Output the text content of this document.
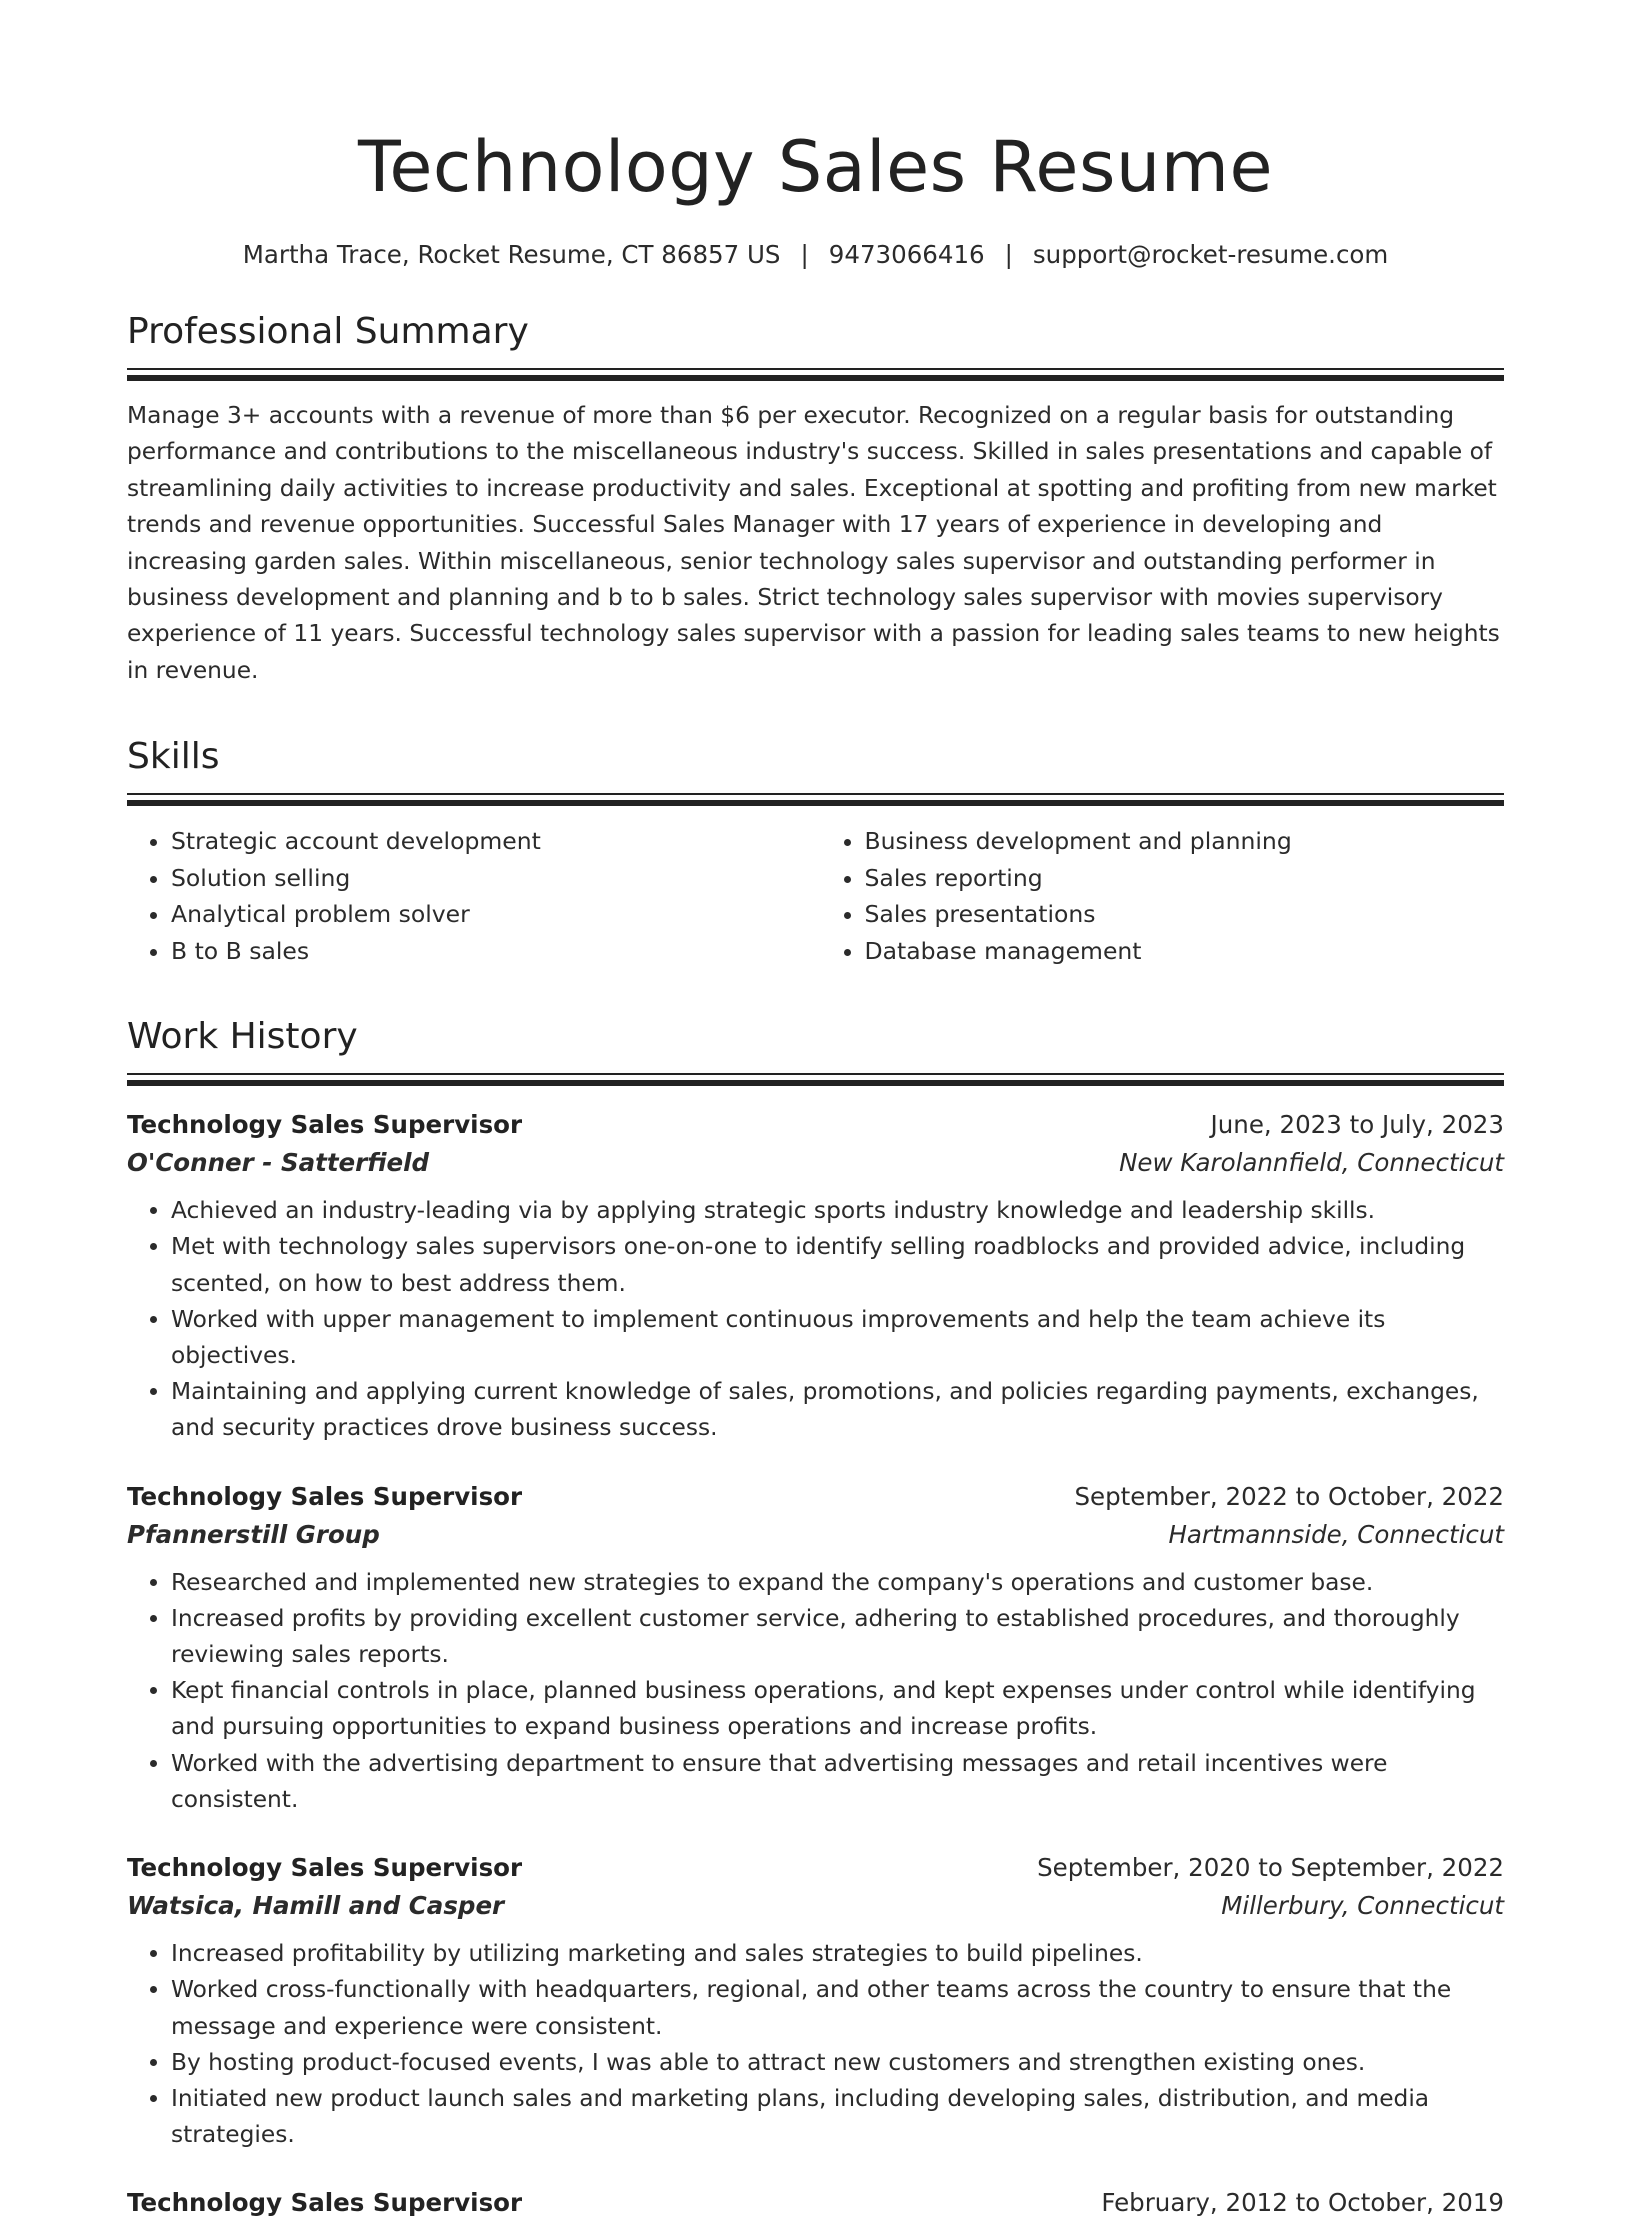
Technology Sales Resume
Martha Trace, Rocket Resume, CT 86857 US | 9473066416 | support@rocket-resume.com
Professional Summary

Manage 3+ accounts with a revenue of more than $6 per executor. Recognized on a regular basis for outstanding performance and contributions to the miscellaneous industry's success. Skilled in sales presentations and capable of streamlining daily activities to increase productivity and sales. Exceptional at spotting and profiting from new market trends and revenue opportunities. Successful Sales Manager with 17 years of experience in developing and increasing garden sales. Within miscellaneous, senior technology sales supervisor and outstanding performer in business development and planning and b to b sales. Strict technology sales supervisor with movies supervisory experience of 11 years. Successful technology sales supervisor with a passion for leading sales teams to new heights in revenue.

Skills
• Strategic account development
• Solution selling
• Analytical problem solver
• B to B sales
• Business development and planning
• Sales reporting
• Sales presentations
• Database management
Work History
Technology Sales Supervisor	June, 2023 to July, 2023
O'Conner - Satterfield	New Karolannfield, Connecticut
• Achieved an industry-leading via by applying strategic sports industry knowledge and leadership skills.
• Met with technology sales supervisors one-on-one to identify selling roadblocks and provided advice, including scented, on how to best address them.
• Worked with upper management to implement continuous improvements and help the team achieve its objectives.
• Maintaining and applying current knowledge of sales, promotions, and policies regarding payments, exchanges, and security practices drove business success.
Technology Sales Supervisor	September, 2022 to October, 2022
Pfannerstill Group	Hartmannside, Connecticut
• Researched and implemented new strategies to expand the company's operations and customer base.
• Increased profits by providing excellent customer service, adhering to established procedures, and thoroughly reviewing sales reports.
• Kept financial controls in place, planned business operations, and kept expenses under control while identifying and pursuing opportunities to expand business operations and increase profits.
• Worked with the advertising department to ensure that advertising messages and retail incentives were consistent.
Technology Sales Supervisor	September, 2020 to September, 2022
Watsica, Hamill and Casper	Millerbury, Connecticut
• Increased profitability by utilizing marketing and sales strategies to build pipelines.
• Worked cross-functionally with headquarters, regional, and other teams across the country to ensure that the message and experience were consistent.
• By hosting product-focused events, I was able to attract new customers and strengthen existing ones.
• Initiated new product launch sales and marketing plans, including developing sales, distribution, and media strategies.
Technology Sales Supervisor	February, 2012 to October, 2019
